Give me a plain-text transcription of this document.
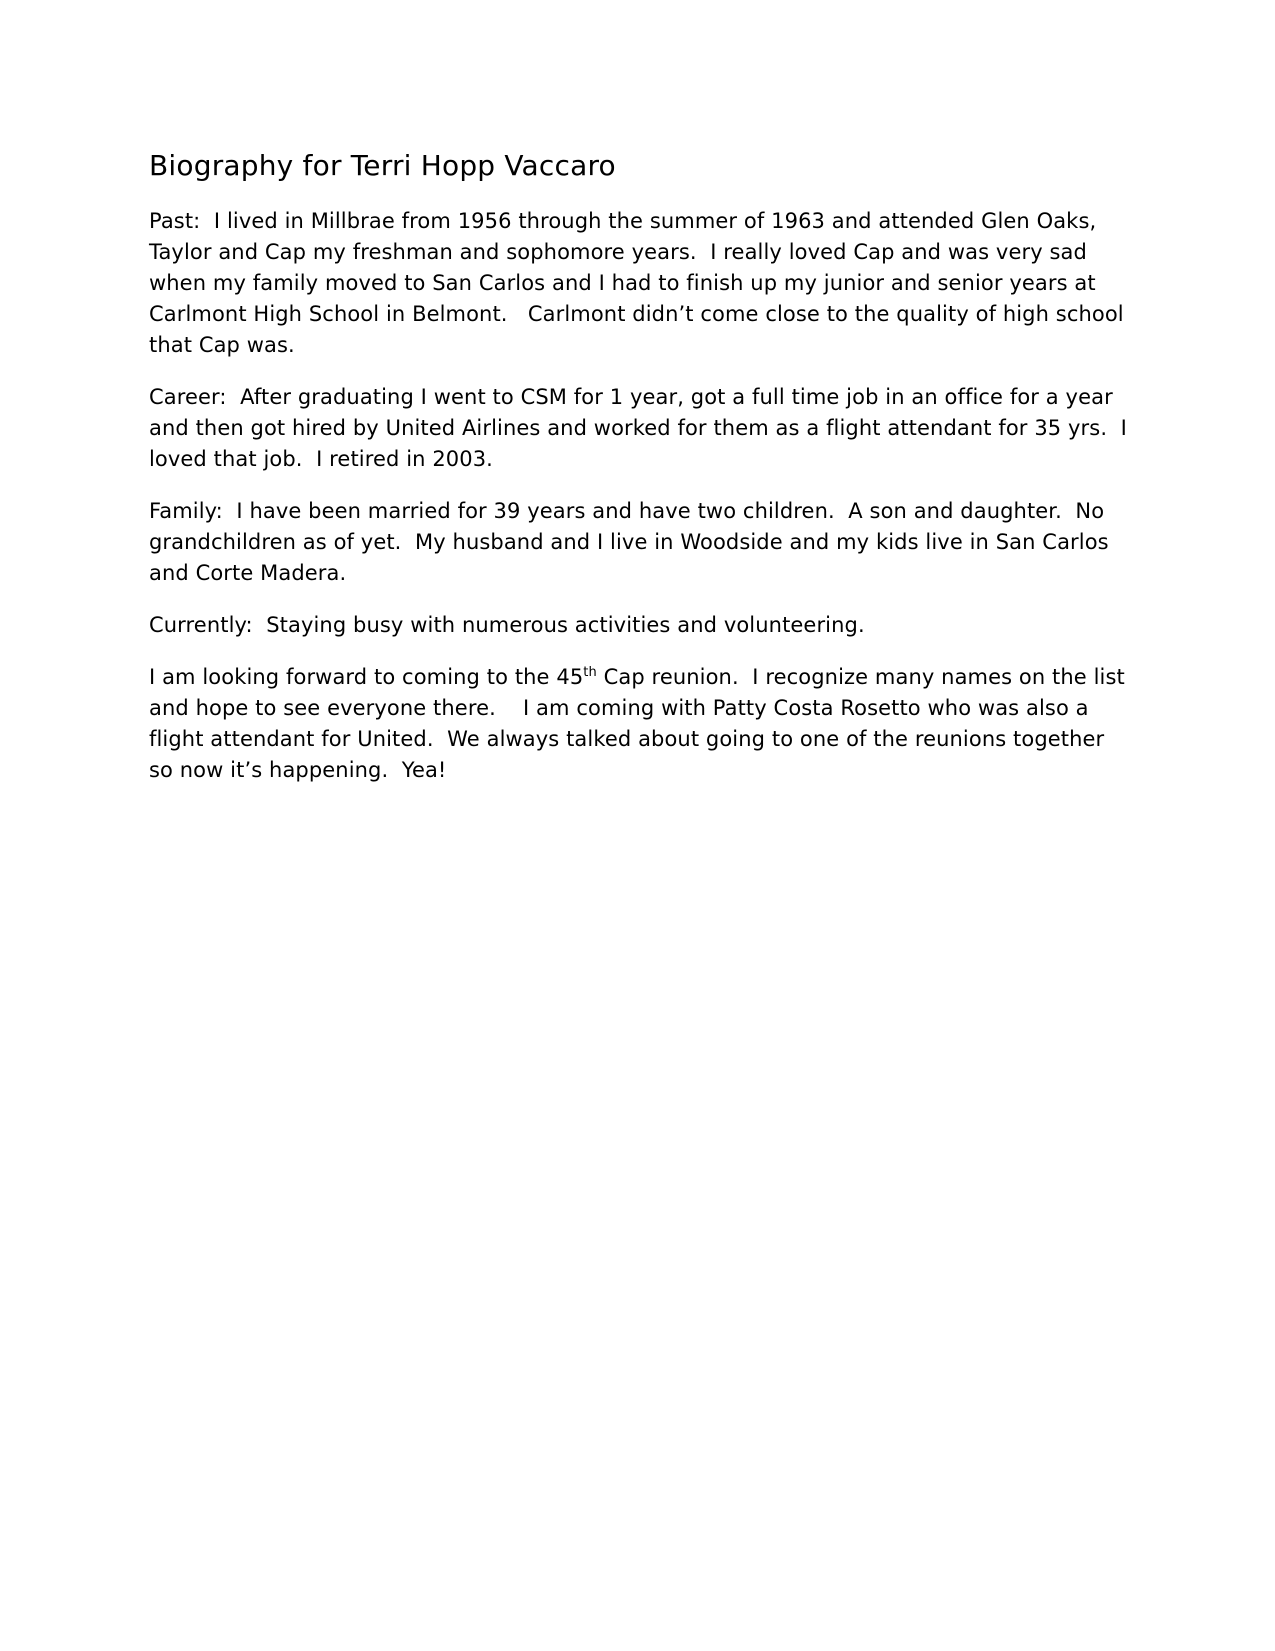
Biography for Terri Hopp Vaccaro

Past:  I lived in Millbrae from 1956 through the summer of 1963 and attended Glen Oaks, Taylor and Cap my freshman and sophomore years.  I really loved Cap and was very sad when my family moved to San Carlos and I had to finish up my junior and senior years at Carlmont High School in Belmont.   Carlmont didn’t come close to the quality of high school that Cap was.

Career:  After graduating I went to CSM for 1 year, got a full time job in an office for a year and then got hired by United Airlines and worked for them as a flight attendant for 35 yrs.  I loved that job.  I retired in 2003.

Family:  I have been married for 39 years and have two children.  A son and daughter.  No grandchildren as of yet.  My husband and I live in Woodside and my kids live in San Carlos and Corte Madera.

Currently:  Staying busy with numerous activities and volunteering.

I am looking forward to coming to the 45th Cap reunion.  I recognize many names on the list and hope to see everyone there.    I am coming with Patty Costa Rosetto who was also a flight attendant for United.  We always talked about going to one of the reunions together so now it’s happening.  Yea!
